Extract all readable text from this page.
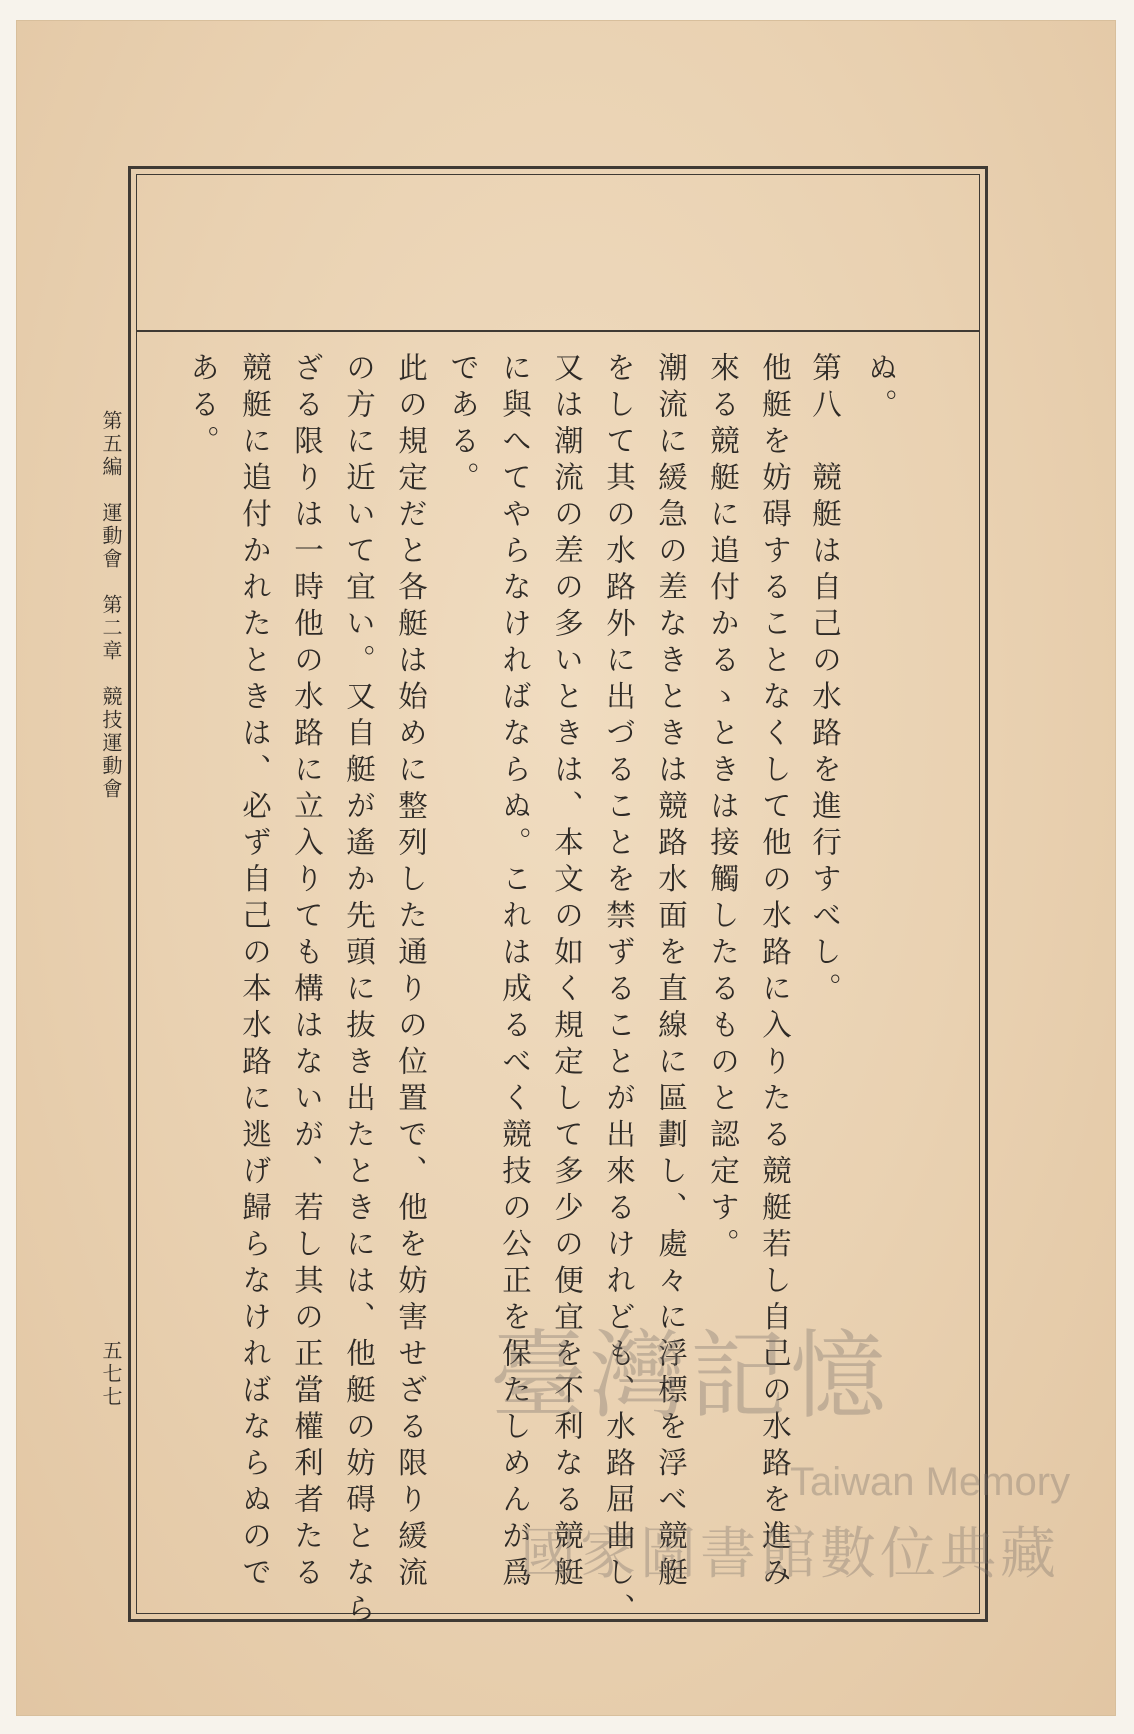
ぬ。
第八　競艇は自己の水路を進行すべし。
他艇を妨碍することなくして他の水路に入りたる競艇若し自己の水路を進み
來る競艇に追付かるゝときは接觸したるものと認定す。
潮流に緩急の差なきときは競路水面を直線に區劃し、處々に浮標を浮べ競艇
をして其の水路外に出づることを禁ずることが出來るけれども、水路屈曲し、
又は潮流の差の多いときは、本文の如く規定して多少の便宜を不利なる競艇
に與へてやらなければならぬ。これは成るべく競技の公正を保たしめんが爲
である。
此の規定だと各艇は始めに整列した通りの位置で、他を妨害せざる限り緩流
の方に近いて宜い。又自艇が遙か先頭に抜き出たときには、他艇の妨碍となら
ざる限りは一時他の水路に立入りても構はないが、若し其の正當權利者たる
競艇に追付かれたときは、必ず自己の本水路に逃げ歸らなければならぬので
ある。
第五編　運動會　第二章　競技運動會
五七七	臺灣記憶
Taiwan Memory
國家圖書館數位典藏
